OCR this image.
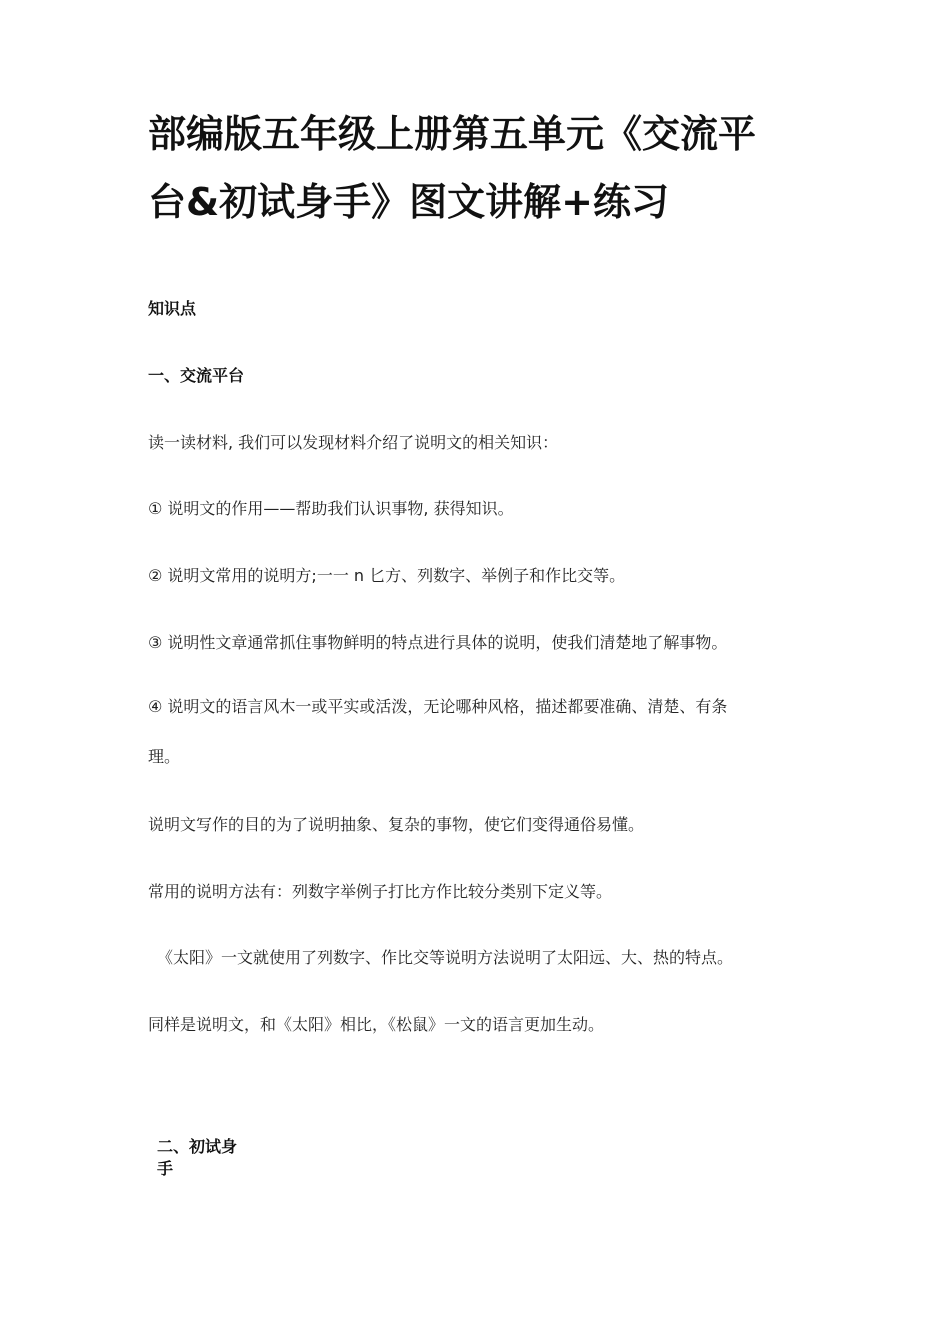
部编版五年级上册第五单元《交流平
台&初试身手》图文讲解+练习
知识点
一、交流平台

读一读材料, 我们可以发现材料介绍了说明文的相关知识：

① 说明文的作用——帮助我们认识事物, 获得知识。

② 说明文常用的说明方;一一 n 匕方、列数字、举例子和作比交等。

③ 说明性文章通常抓住事物鲜明的特点进行具体的说明，使我们清楚地了解事物。

④ 说明文的语言风木一或平实或活泼，无论哪种风格，描述都要准确、清楚、有条
理。

说明文写作的目的为了说明抽象、复杂的事物，使它们变得通俗易懂。

常用的说明方法有：列数字举例子打比方作比较分类别下定义等。

《太阳》一文就使用了列数字、作比交等说明方法说明了太阳远、大、热的特点。

同样是说明文，和《太阳》相比，《松鼠》一文的语言更加生动。

二、初试身
手
